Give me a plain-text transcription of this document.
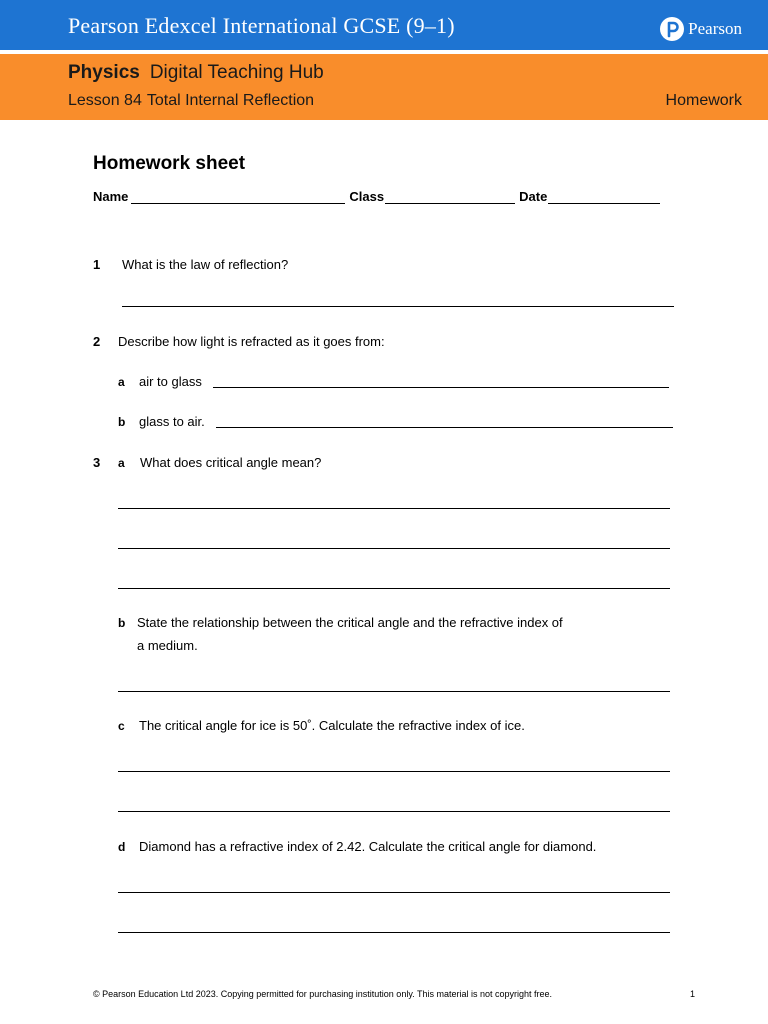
Pearson Edexcel International GCSE (9–1)	Pearson
Physics Digital Teaching Hub
Lesson 84 Total Internal Reflection	Homework
Homework sheet
Name	Class	Date
1 What is the law of reflection?
2 Describe how light is refracted as it goes from:
a air to glass
b glass to air.
3 a What does critical angle mean?
b State the relationship between the critical angle and the refractive index of
a medium.
c The critical angle for ice is 50˚. Calculate the refractive index of ice.
d Diamond has a refractive index of 2.42. Calculate the critical angle for diamond.
© Pearson Education Ltd 2023. Copying permitted for purchasing institution only. This material is not copyright free.	1
